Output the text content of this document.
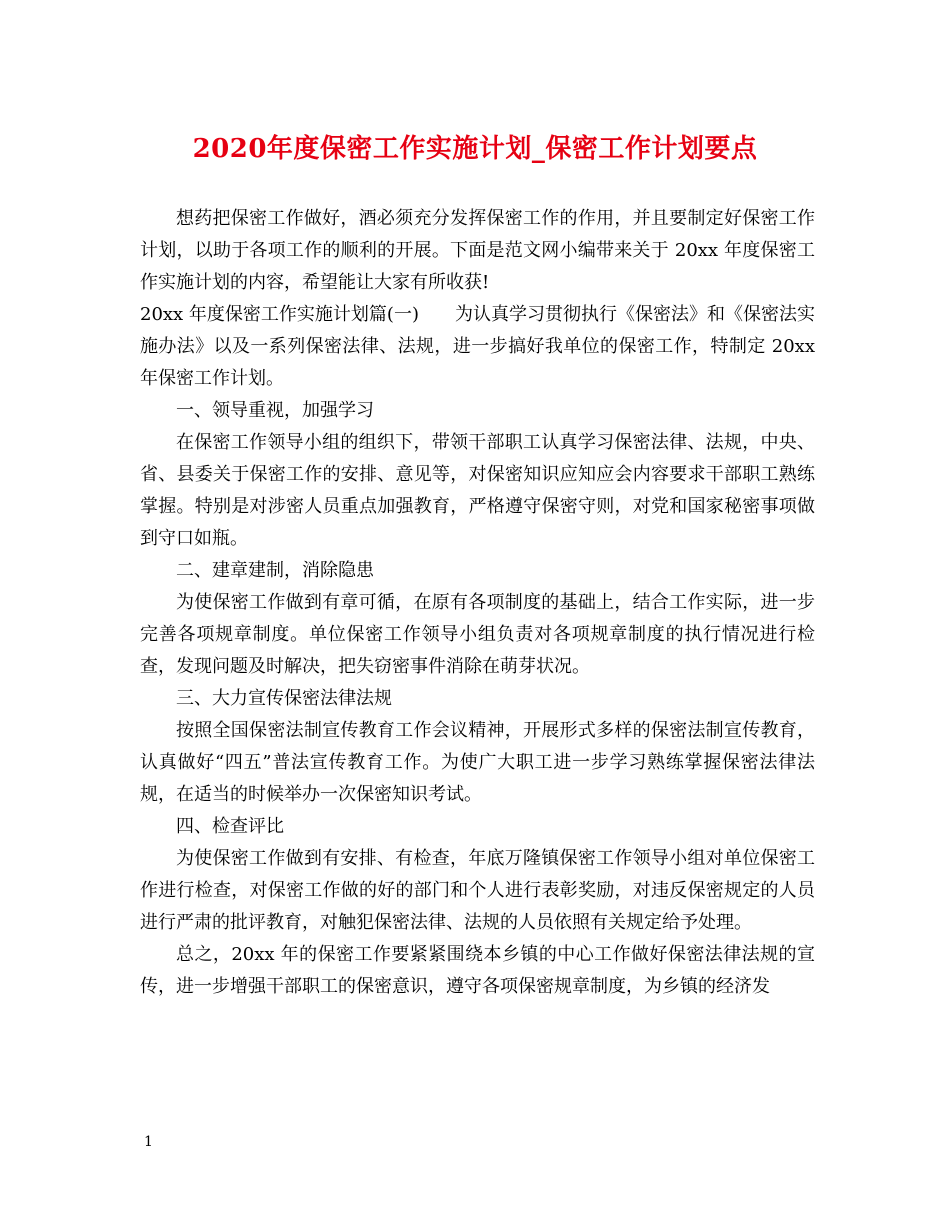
2020年度保密工作实施计划_保密工作计划要点

想药把保密工作做好，酒必须充分发挥保密工作的作用，并且要制定好保密工作计划，以助于各项工作的顺利的开展。下面是范文网小编带来关于 20xx 年度保密工作实施计划的内容，希望能让大家有所收获!

20xx 年度保密工作实施计划篇(一)　　为认真学习贯彻执行《保密法》和《保密法实施办法》以及一系列保密法律、法规，进一步搞好我单位的保密工作，特制定 20xx 年保密工作计划。

一、领导重视，加强学习

在保密工作领导小组的组织下，带领干部职工认真学习保密法律、法规，中央、省、县委关于保密工作的安排、意见等，对保密知识应知应会内容要求干部职工熟练掌握。特别是对涉密人员重点加强教育，严格遵守保密守则，对党和国家秘密事项做到守口如瓶。

二、建章建制，消除隐患

为使保密工作做到有章可循，在原有各项制度的基础上，结合工作实际，进一步完善各项规章制度。单位保密工作领导小组负责对各项规章制度的执行情况进行检查，发现问题及时解决，把失窃密事件消除在萌芽状况。

三、大力宣传保密法律法规

按照全国保密法制宣传教育工作会议精神，开展形式多样的保密法制宣传教育，认真做好“四五”普法宣传教育工作。为使广大职工进一步学习熟练掌握保密法律法规，在适当的时候举办一次保密知识考试。

四、检查评比

为使保密工作做到有安排、有检查，年底万隆镇保密工作领导小组对单位保密工作进行检查，对保密工作做的好的部门和个人进行表彰奖励，对违反保密规定的人员进行严肃的批评教育，对触犯保密法律、法规的人员依照有关规定给予处理。

总之，20xx 年的保密工作要紧紧围绕本乡镇的中心工作做好保密法律法规的宣传，进一步增强干部职工的保密意识，遵守各项保密规章制度，为乡镇的经济发

1
